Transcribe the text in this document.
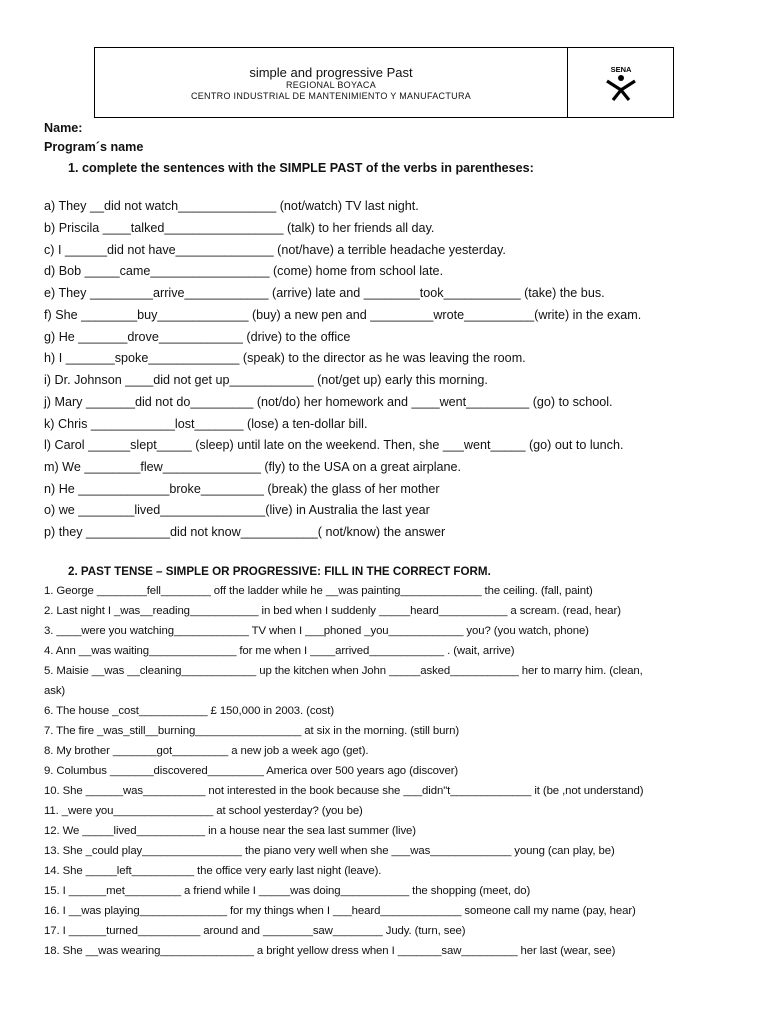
simple and progressive Past
REGIONAL BOYACA
CENTRO INDUSTRIAL DE MANTENIMIENTO Y MANUFACTURA
SENA
Name:
Program´s name
1. complete the sentences with the SIMPLE PAST of the verbs in parentheses:
a) They __did not watch______________ (not/watch) TV last night.
b) Priscila ____talked_________________ (talk) to her friends all day.
c) I ______did not have______________ (not/have) a terrible headache yesterday.
d) Bob _____came_________________ (come) home from school late.
e) They _________arrive____________ (arrive) late and ________took___________ (take) the bus.
f) She ________buy_____________ (buy) a new pen and _________wrote__________(write) in the exam.
g) He _______drove____________ (drive) to the office
h) I _______spoke_____________ (speak) to the director as he was leaving the room.
i) Dr. Johnson ____did not get up____________ (not/get up) early this morning.
j) Mary _______did not do_________ (not/do) her homework and ____went_________ (go) to school.
k) Chris ____________lost_______ (lose) a ten-dollar bill.
l) Carol ______slept_____ (sleep) until late on the weekend. Then, she ___went_____ (go) out to lunch.
m) We ________flew______________ (fly) to the USA on a great airplane.
n) He _____________broke_________ (break) the glass of her mother
o) we ________lived_______________(live) in Australia the last year
p) they ____________did not know___________( not/know) the answer
2. PAST TENSE – SIMPLE OR PROGRESSIVE: FILL IN THE CORRECT FORM.
1. George ________fell________ off the ladder while he __was painting_____________ the ceiling. (fall, paint)
2. Last night I _was__reading___________ in bed when I suddenly _____heard___________ a scream. (read, hear)
3. ____were you watching____________ TV when I ___phoned _you____________ you? (you watch, phone)
4. Ann __was waiting______________ for me when I ____arrived____________ . (wait, arrive)
5. Maisie __was __cleaning____________ up the kitchen when John _____asked___________ her to marry him. (clean,
ask)
6. The house _cost___________ £ 150,000 in 2003. (cost)
7. The fire _was_still__burning_________________ at six in the morning. (still burn)
8. My brother _______got_________ a new job a week ago (get).
9. Columbus _______discovered_________ America over 500 years ago (discover)
10. She ______was__________ not interested in the book because she ___didn"t_____________ it (be ,not understand)
11. _were you________________ at school yesterday? (you be)
12. We _____lived___________ in a house near the sea last summer (live)
13. She _could play________________ the piano very well when she ___was_____________ young (can play, be)
14. She _____left__________ the office very early last night (leave).
15. I ______met_________ a friend while I _____was doing___________ the shopping (meet, do)
16. I __was playing______________ for my things when I ___heard_____________ someone call my name (pay, hear)
17. I ______turned__________ around and ________saw________ Judy. (turn, see)
18. She __was wearing_______________ a bright yellow dress when I _______saw_________ her last (wear, see)
